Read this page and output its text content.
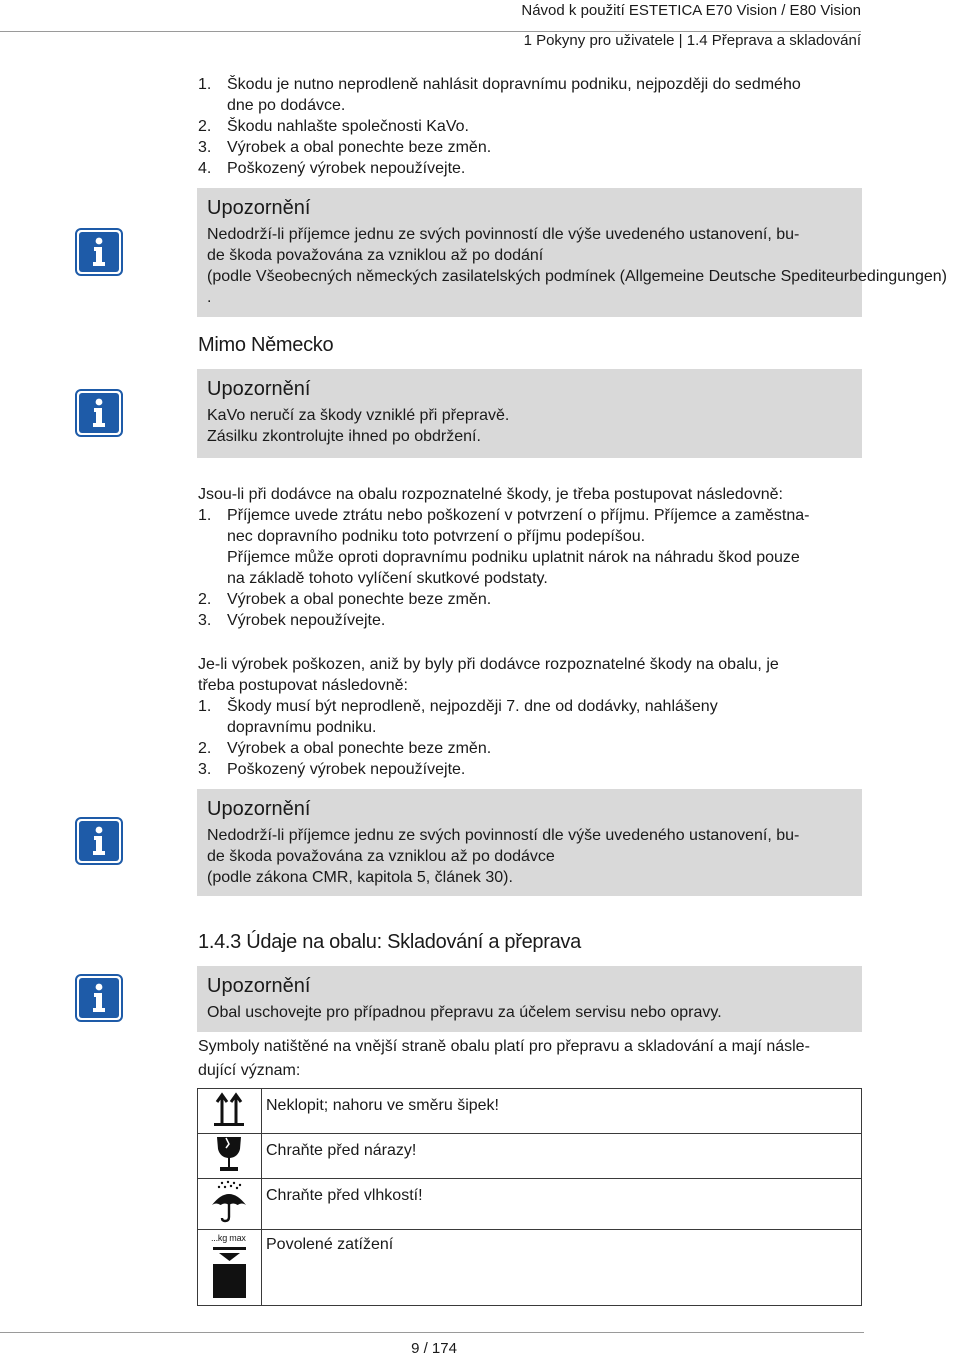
Návod k použití ESTETICA E70 Vision / E80 Vision
1 Pokyny pro uživatele | 1.4 Přeprava a skladování
1. Škodu je nutno neprodleně nahlásit dopravnímu podniku, nejpozději do sedmého
dne po dodávce.
2. Škodu nahlašte společnosti KaVo.
3. Výrobek a obal ponechte beze změn.
4. Poškozený výrobek nepoužívejte.
Upozornění
Nedodrží-li příjemce jednu ze svých povinností dle výše uvedeného ustanovení, bu-
de škoda považována za vzniklou až po dodání
(podle Všeobecných německých zasilatelských podmínek (Allgemeine Deutsche Spediteurbedingungen)
.
Mimo Německo
Upozornění
KaVo neručí za škody vzniklé při přepravě.
Zásilku zkontrolujte ihned po obdržení.
Jsou-li při dodávce na obalu rozpoznatelné škody, je třeba postupovat následovně:
1. Příjemce uvede ztrátu nebo poškození v potvrzení o příjmu. Příjemce a zaměstna-
nec dopravního podniku toto potvrzení o příjmu podepíšou.
Příjemce může oproti dopravnímu podniku uplatnit nárok na náhradu škod pouze
na základě tohoto vylíčení skutkové podstaty.
2. Výrobek a obal ponechte beze změn.
3. Výrobek nepoužívejte.
Je-li výrobek poškozen, aniž by byly při dodávce rozpoznatelné škody na obalu, je
třeba postupovat následovně:
1. Škody musí být neprodleně, nejpozději 7. dne od dodávky, nahlášeny
dopravnímu podniku.
2. Výrobek a obal ponechte beze změn.
3. Poškozený výrobek nepoužívejte.
Upozornění
Nedodrží-li příjemce jednu ze svých povinností dle výše uvedeného ustanovení, bu-
de škoda považována za vzniklou až po dodávce
(podle zákona CMR, kapitola 5, článek 30).
1.4.3 Údaje na obalu: Skladování a přeprava
Upozornění
Obal uschovejte pro případnou přepravu za účelem servisu nebo opravy.
Symboly natištěné na vnější straně obalu platí pro přepravu a skladování a mají násle-
dující význam:
	Neklopit; nahoru ve směru šipek!
	Chraňte před nárazy!
	Chraňte před vlhkostí!

...kg max	Povolené zatížení
9 / 174
